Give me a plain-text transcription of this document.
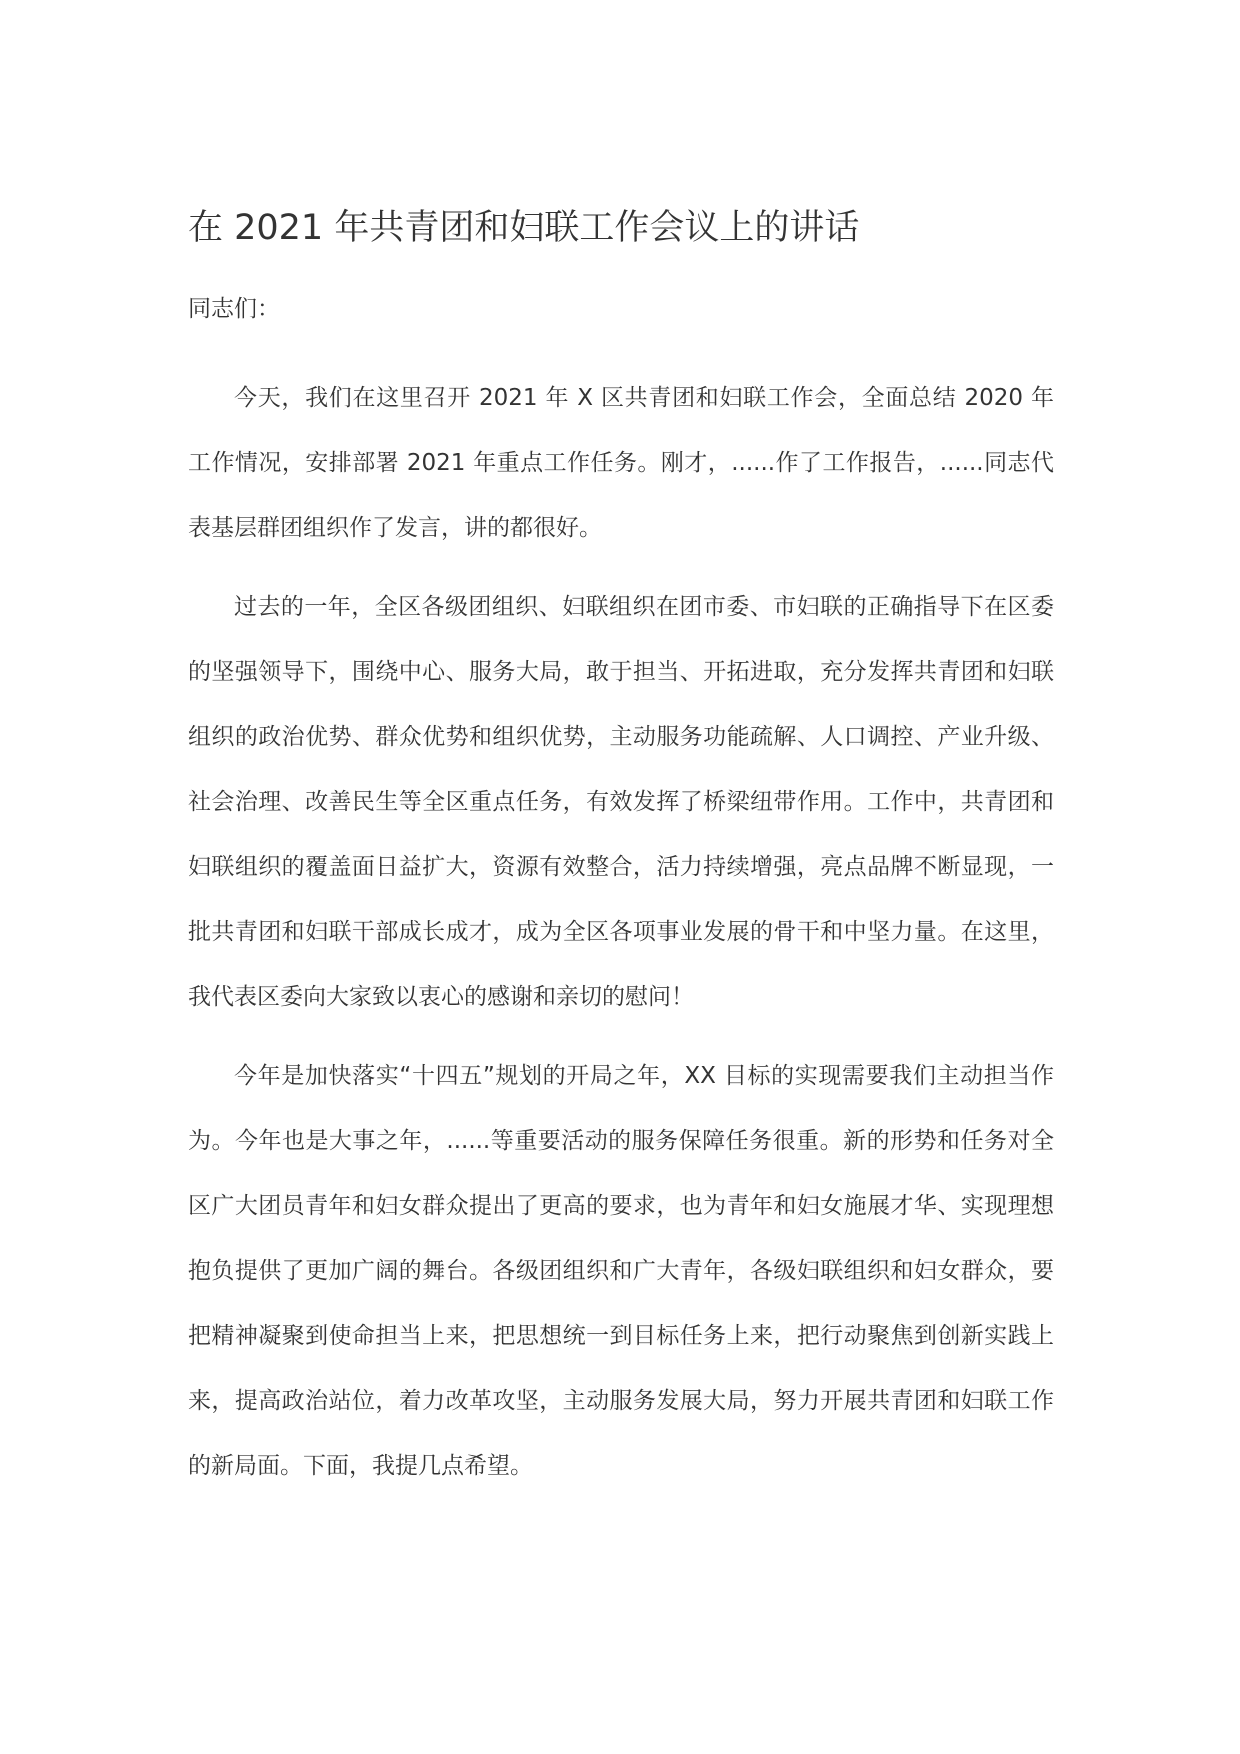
在 2021 年共青团和妇联工作会议上的讲话

同志们：

今天，我们在这里召开 2021 年 X 区共青团和妇联工作会，全面总结 2020 年工作情况，安排部署 2021 年重点工作任务。刚才，......作了工作报告，......同志代表基层群团组织作了发言，讲的都很好。

过去的一年，全区各级团组织、妇联组织在团市委、市妇联的正确指导下在区委的坚强领导下，围绕中心、服务大局，敢于担当、开拓进取，充分发挥共青团和妇联组织的政治优势、群众优势和组织优势，主动服务功能疏解、人口调控、产业升级、社会治理、改善民生等全区重点任务，有效发挥了桥梁纽带作用。工作中，共青团和妇联组织的覆盖面日益扩大，资源有效整合，活力持续增强，亮点品牌不断显现，一批共青团和妇联干部成长成才，成为全区各项事业发展的骨干和中坚力量。在这里，我代表区委向大家致以衷心的感谢和亲切的慰问！

今年是加快落实“十四五”规划的开局之年，XX 目标的实现需要我们主动担当作为。今年也是大事之年，......等重要活动的服务保障任务很重。新的形势和任务对全区广大团员青年和妇女群众提出了更高的要求，也为青年和妇女施展才华、实现理想抱负提供了更加广阔的舞台。各级团组织和广大青年，各级妇联组织和妇女群众，要把精神凝聚到使命担当上来，把思想统一到目标任务上来，把行动聚焦到创新实践上来，提高政治站位，着力改革攻坚，主动服务发展大局，努力开展共青团和妇联工作的新局面。下面，我提几点希望。
